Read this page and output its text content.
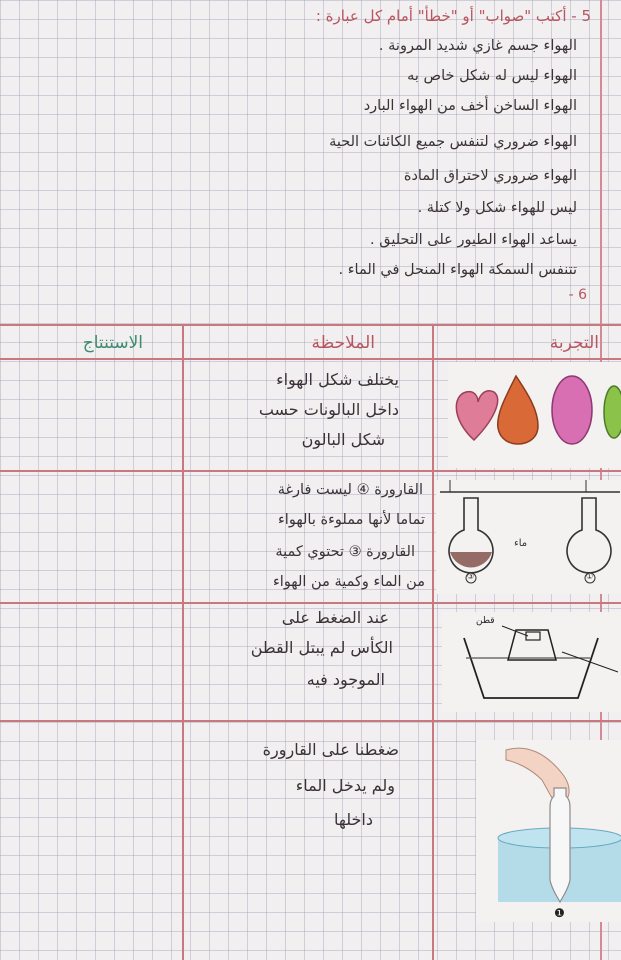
5 - أكتب "صواب" أو "خطأ" أمام كل عبارة :
الهواء جسم غازي شديد المرونة .
الهواء ليس له شكل خاص به
الهواء الساخن أخف من الهواء البارد
الهواء ضروري لتنفس جميع الكائنات الحية
الهواء ضروري لاحتراق المادة
ليس للهواء شكل ولا كتلة .
يساعد الهواء الطيور على التحليق .
تتنفس السمكة الهواء المنحل في الماء .
6 -
الاستنتاج	الملاحظة	التجربة
يختلف شكل الهواء
داخل البالونات حسب
شكل البالون
القارورة ④ ليست فارغة
تماما لأنها مملوءة بالهواء
القارورة ③ تحتوي كمية
من الماء وكمية من الهواء
عند الضغط على
الكأس لم يبتل القطن
الموجود فيه
ضغطنا على القارورة
ولم يدخل الماء
داخلها
ماء
③	①
قطن
❶
